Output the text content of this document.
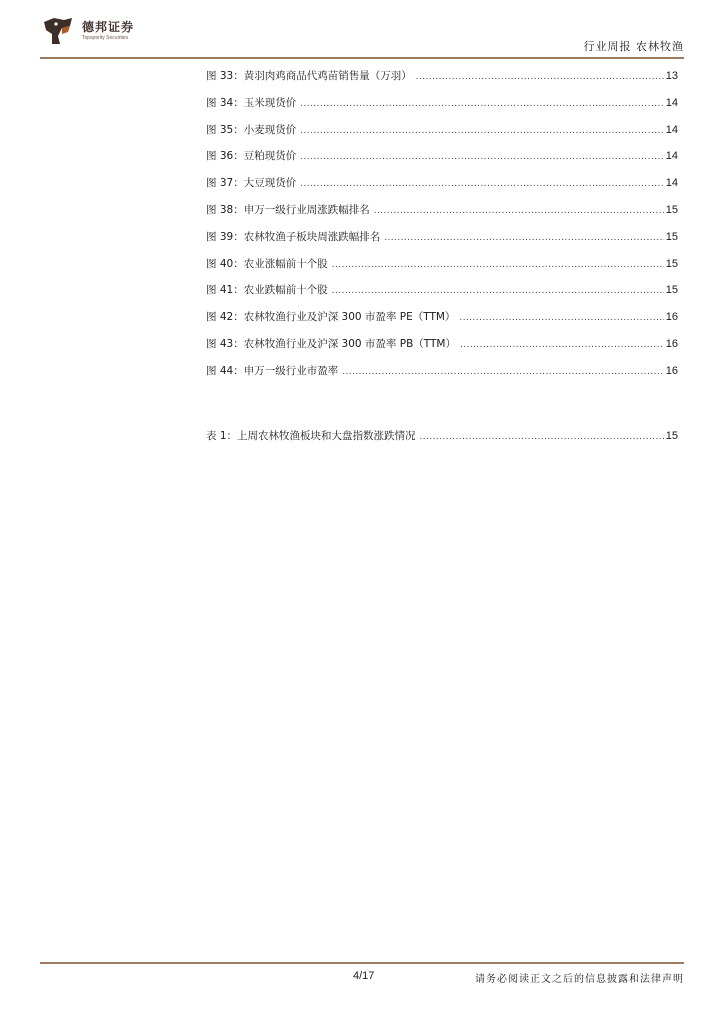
德邦证券
Topsperity Securities
行业周报 农林牧渔
图 33：黄羽肉鸡商品代鸡苗销售量（万羽） .....	13
图 34：玉米现货价 .....	14
图 35：小麦现货价 .....	14
图 36：豆粕现货价 .....	14
图 37：大豆现货价 .....	14
图 38：申万一级行业周涨跌幅排名 .....	15
图 39：农林牧渔子板块周涨跌幅排名 .....	15
图 40：农业涨幅前十个股 .....	15
图 41：农业跌幅前十个股 .....	15
图 42：农林牧渔行业及沪深 300 市盈率 PE（TTM） .....	16
图 43：农林牧渔行业及沪深 300 市盈率 PB（TTM） .....	16
图 44：申万一级行业市盈率 .....	16
表 1：上周农林牧渔板块和大盘指数涨跌情况 .....	15
4/17	请务必阅读正文之后的信息披露和法律声明
